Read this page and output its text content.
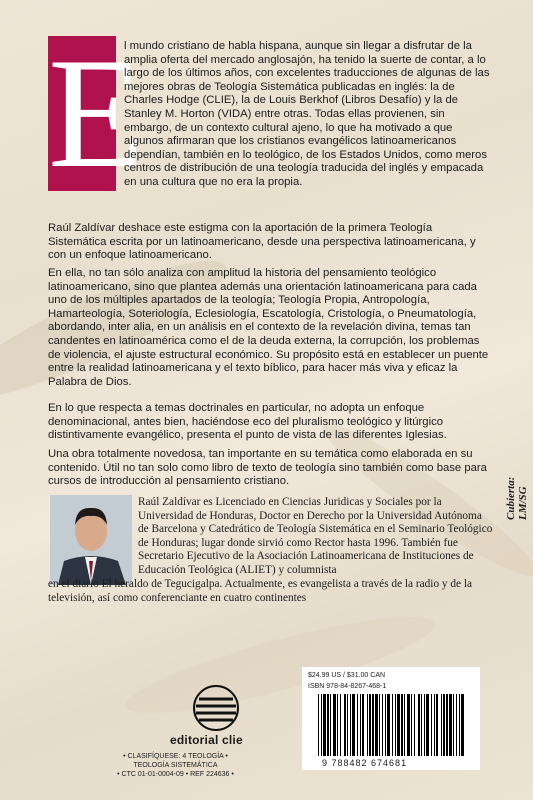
E
l mundo cristiano de habla hispana, aunque sin llegar a disfrutar de la amplia oferta del mercado anglosajón, ha tenido la suerte de contar, a lo largo de los últimos años, con excelentes traducciones de algunas de las mejores obras de Teología Sistemática publicadas en inglés: la de Charles Hodge (CLIE), la de Louis Berkhof (Libros Desafío) y la de Stanley M. Horton (VIDA) entre otras. Todas ellas provienen, sin embargo, de un contexto cultural ajeno, lo que ha motivado a que algunos afirmaran que los cristianos evangélicos latinoamericanos dependían, también en lo teológico, de los Estados Unidos, como meros centros de distribución de una teología traducida del inglés y empacada en una cultura que no era la propia.
Raúl Zaldívar deshace este estigma con la aportación de la primera Teología Sistemática escrita por un latinoamericano, desde una perspectiva latinoamericana, y con un enfoque latinoamericano.
En ella, no tan sólo analiza con amplitud la historia del pensamiento teológico latinoamericano, sino que plantea además una orientación latinoamericana para cada uno de los múltiples apartados de la teología; Teología Propia, Antropología, Hamarteología, Soteriología, Eclesiología, Escatología, Cristología, o Pneumatología, abordando, inter alia, en un análisis en el contexto de la revelación divina, temas tan candentes en latinoamérica como el de la deuda externa, la corrupción, los problemas de violencia, el ajuste estructural económico. Su propósito está en establecer un puente entre la realidad latinoamericana y el texto bíblico, para hacer más viva y eficaz la Palabra de Dios.
En lo que respecta a temas doctrinales en particular, no adopta un enfoque denominacional, antes bien, haciéndose eco del pluralismo teológico y litúrgico distintivamente evangélico, presenta el punto de vista de las diferentes Iglesias.
Una obra totalmente novedosa, tan importante en su temática como elaborada en su contenido. Útil no tan solo como libro de texto de teología sino también como base para cursos de introducción al pensamiento cristiano.
Raúl Zaldívar es Licenciado en Ciencias Juridicas y Sociales por la Universidad de Honduras, Doctor en Derecho por la Universidad Autónoma de Barcelona y Catedrático de Teología Sistemática en el Seminario Teológico de Honduras; lugar donde sirvió como Rector hasta 1996. También fue Secretario Ejecutivo de la Asociación Latinoamericana de Instituciones de Educación Teológica (ALIET) y columnista
en el diario El heraldo de Tegucigalpa. Actualmente, es evangelista a través de la radio y de la televisión, así como conferenciante en cuatro continentes
Cubierta: LM/SG
editorial clie
• CLASIFÍQUESE: 4 TEOLOGÍA •
TEOLOGÍA SISTEMÁTICA
• CTC 01-01-0004-09 • REF 224636 •
$24.99 US / $31.00 CAN
ISBN 978-84-8267-468-1
9 788482 674681
